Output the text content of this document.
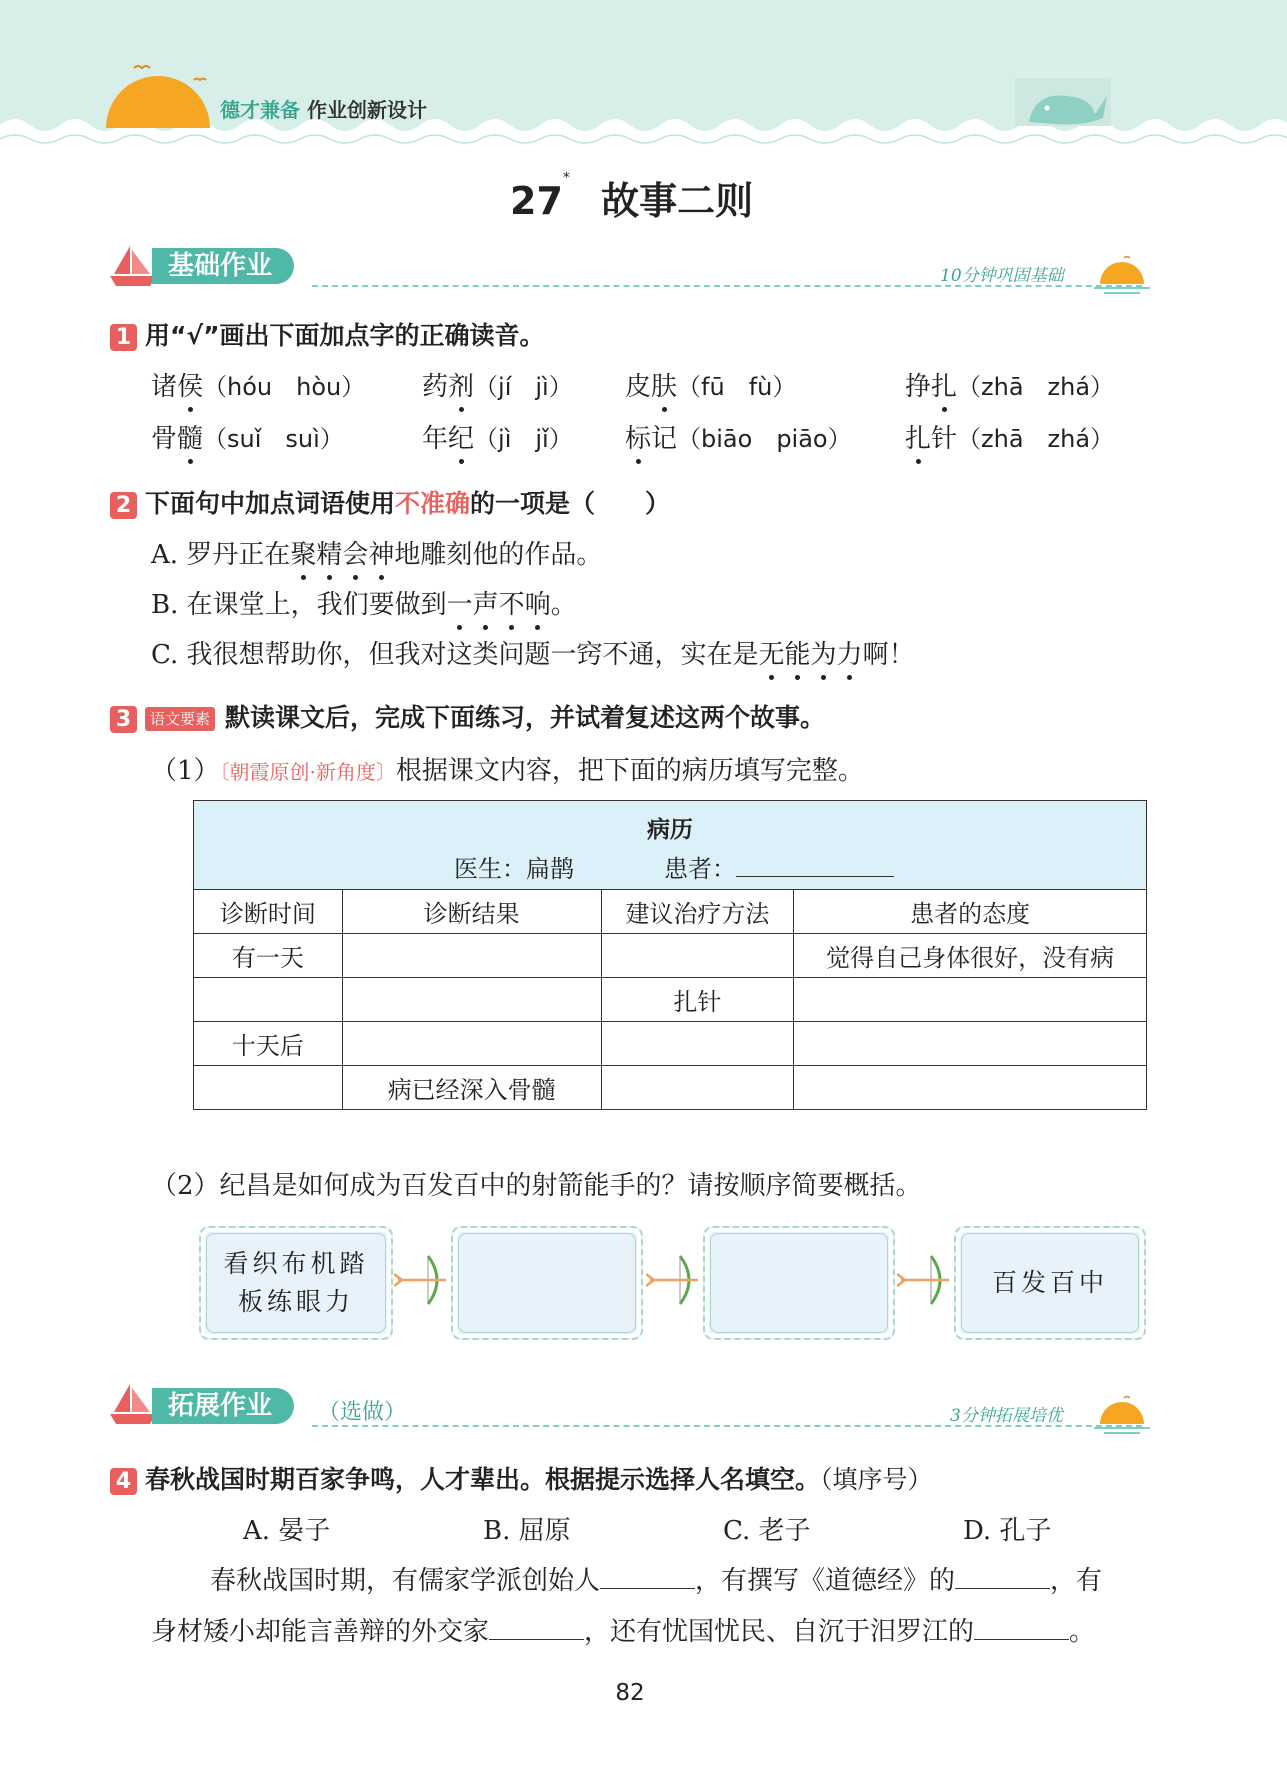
德才兼备 作业创新设计
27* 故事二则
基础作业	10分钟巩固基础
1 用“√”画出下面加点字的正确读音。
诸侯（hóu　hòu） 药剂（jí　jì） 皮肤（fū　fù）	挣扎（zhā　zhá）
骨髓（suǐ　suì）	年纪（jì　jǐ） 标记（biāo　piāo） 扎针（zhā　zhá）
2 下面句中加点词语使用不准确的一项是（　　）
A. 罗丹正在聚精会神地雕刻他的作品。
B. 在课堂上，我们要做到一声不响。
C. 我很想帮助你，但我对这类问题一窍不通，实在是无能为力啊！
3 语文要素 默读课文后，完成下面练习，并试着复述这两个故事。
（1）〔朝霞原创·新角度〕根据课文内容，把下面的病历填写完整。
病历
医生：扁鹊	患者：
诊断时间	诊断结果	建议治疗方法	患者的态度
有一天			觉得自己身体很好，没有病
		扎针	
十天后			
	病已经深入骨髓		
（2）纪昌是如何成为百发百中的射箭能手的？请按顺序简要概括。
看织布机踏板练眼力
百发百中
拓展作业	（选做）	3分钟拓展培优
4 春秋战国时期百家争鸣，人才辈出。根据提示选择人名填空。（填序号）
A. 晏子	B. 屈原	C. 老子	D. 孔子
春秋战国时期，有儒家学派创始人	，有撰写《道德经》的	，有
身材矮小却能言善辩的外交家	，还有忧国忧民、自沉于汨罗江的	。
82
